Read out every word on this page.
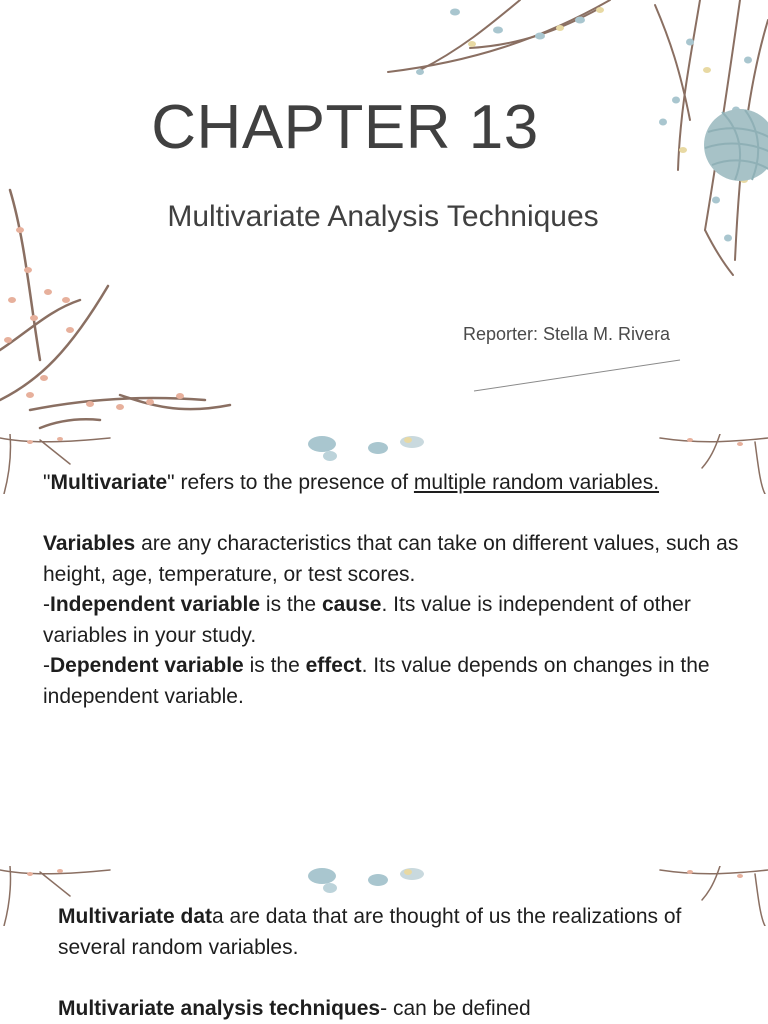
CHAPTER 13
Multivariate Analysis Techniques
Reporter: Stella M. Rivera

"Multivariate" refers to the presence of multiple random variables.

Variables are any characteristics that can take on different values, such as height, age, temperature, or test scores.

-Independent variable is the cause. Its value is independent of other variables in your study.

-Dependent variable is the effect. Its value depends on changes in the independent variable.

Multivariate data are data that are thought of us the realizations of several random variables.

Multivariate analysis techniques- can be defined
